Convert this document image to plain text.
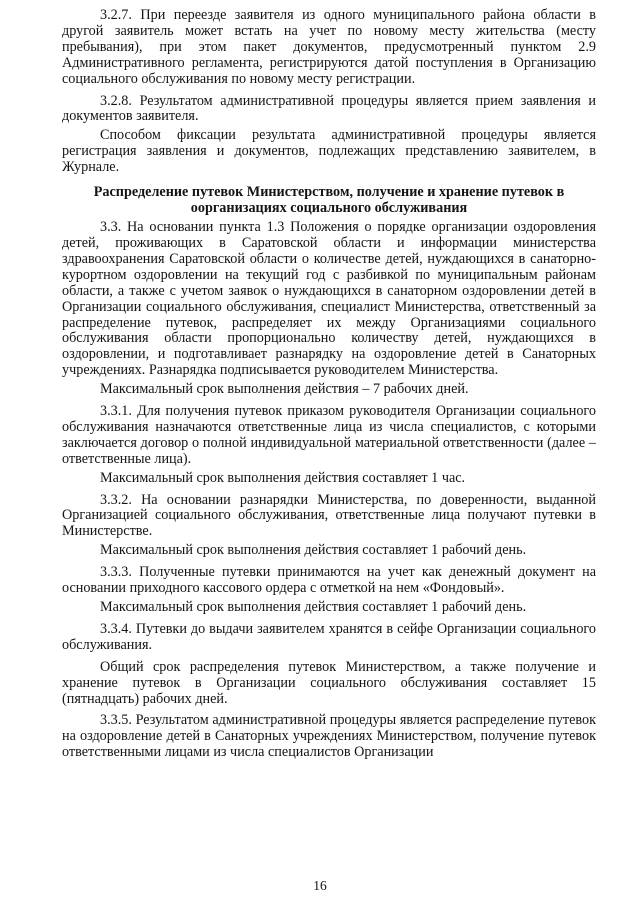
3.2.7. При переезде заявителя из одного муниципального района области в другой заявитель может встать на учет по новому месту жительства (месту пребывания), при этом пакет документов, предусмотренный пунктом 2.9 Административного регламента, регистрируются датой поступления в Организацию социального обслуживания по новому месту регистрации.

3.2.8. Результатом административной процедуры является прием заявления и документов заявителя.

Способом фиксации результата административной процедуры является регистрация заявления и документов, подлежащих представлению заявителем, в Журнале.

Распределение путевок Министерством, получение и хранение путевок в оорганизациях социального обслуживания

3.3. На основании пункта 1.3 Положения о порядке организации оздоровления детей, проживающих в Саратовской области и информации министерства здравоохранения Саратовской области о количестве детей, нуждающихся в санаторно-курортном оздоровлении на текущий год с разбивкой по муниципальным районам области, а также с учетом заявок о нуждающихся в санаторном оздоровлении детей в Организации социального обслуживания, специалист Министерства, ответственный за распределение путевок, распределяет их между Организациями социального обслуживания области пропорционально количеству детей, нуждающихся в оздоровлении, и подготавливает разнарядку на оздоровление детей в Санаторных учреждениях. Разнарядка подписывается руководителем Министерства.

Максимальный срок выполнения действия – 7 рабочих дней.

3.3.1. Для получения путевок приказом руководителя Организации социального обслуживания назначаются ответственные лица из числа специалистов, с которыми заключается договор о полной индивидуальной материальной ответственности (далее – ответственные лица).

Максимальный срок выполнения действия составляет 1 час.

3.3.2. На основании разнарядки Министерства, по доверенности, выданной Организацией социального обслуживания, ответственные лица получают путевки в Министерстве.

Максимальный срок выполнения действия составляет 1 рабочий день.

3.3.3. Полученные путевки принимаются на учет как денежный документ на основании приходного кассового ордера с отметкой на нем «Фондовый».

Максимальный срок выполнения действия составляет 1 рабочий день.

3.3.4. Путевки до выдачи заявителем хранятся в сейфе Организации социального обслуживания.

Общий срок распределения путевок Министерством, а также получение и хранение путевок в Организации социального обслуживания составляет 15 (пятнадцать) рабочих дней.

3.3.5. Результатом административной процедуры является распределение путевок на оздоровление детей в Санаторных учреждениях Министерством, получение путевок ответственными лицами из числа специалистов Организации

16
